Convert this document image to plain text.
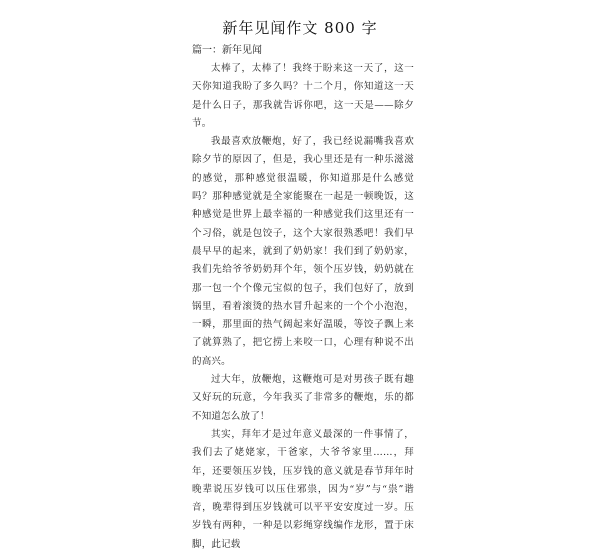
新年见闻作文 800 字
篇一：新年见闻

太棒了，太棒了！我终于盼来这一天了，这一天你知道我盼了多久吗？十二个月，你知道这一天是什么日子，那我就告诉你吧，这一天是——除夕节。

我最喜欢放鞭炮，好了，我已经说漏嘴我喜欢除夕节的原因了，但是，我心里还是有一种乐滋滋的感觉，那种感觉很温暖，你知道那是什么感觉吗？那种感觉就是全家能聚在一起是一顿晚饭，这种感觉是世界上最幸福的一种感觉我们这里还有一个习俗，就是包饺子，这个大家很熟悉吧！我们早晨早早的起来，就到了奶奶家！我们到了奶奶家，我们先给爷爷奶奶拜个年，领个压岁钱，奶奶就在那一包一个个像元宝似的包子，我们包好了，放到锅里，看着滚烫的热水冒升起来的一个个小泡泡，一瞬，那里面的热气阔起来好温暖，等饺子飘上来了就算熟了，把它捞上来咬一口，心理有种说不出的高兴。

过大年，放鞭炮，这鞭炮可是对男孩子既有趣又好玩的玩意，今年我买了非常多的鞭炮，乐的都不知道怎么放了！

其实，拜年才是过年意义最深的一件事情了，我们去了姥姥家，干爸家，大爷爷家里……，拜年，还要领压岁钱，压岁钱的意义就是春节拜年时晚辈说压岁钱可以压住邪祟，因为“岁”与“祟”谐音，晚辈得到压岁钱就可以平平安安度过一岁。压岁钱有两种，一种是以彩绳穿线编作龙形，置于床脚，此记载
